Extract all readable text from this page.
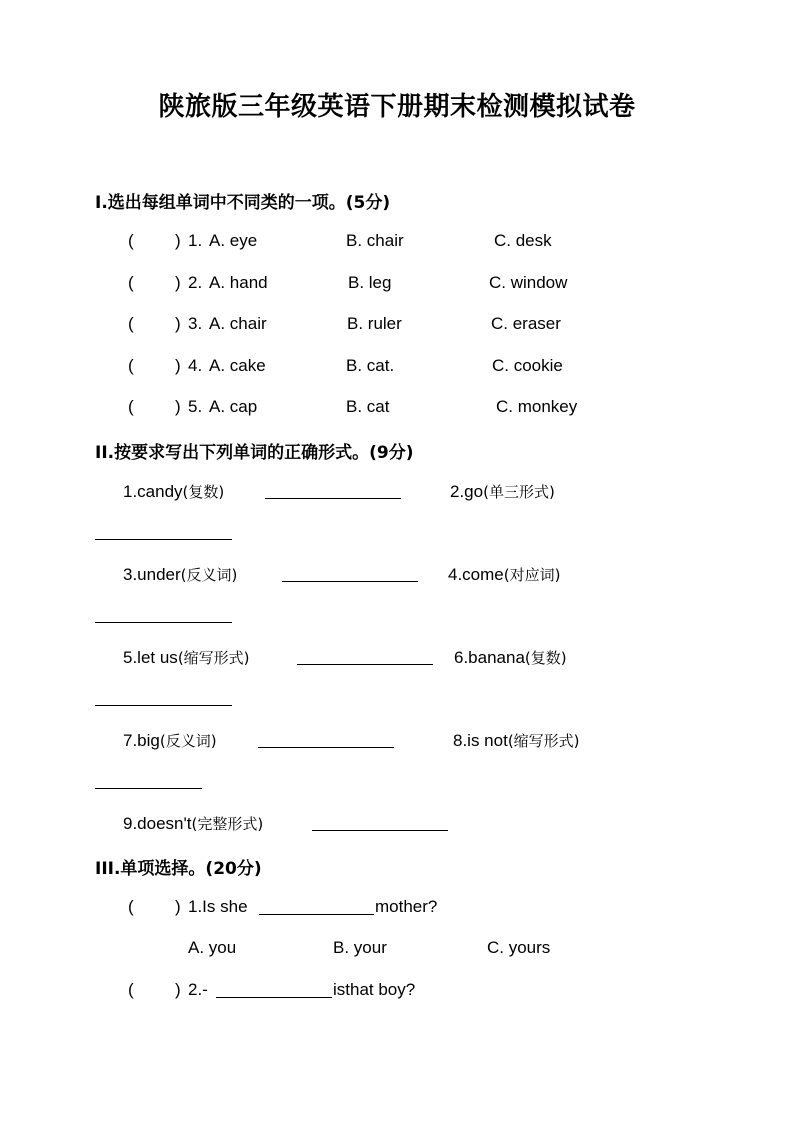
陕旅版三年级英语下册期末检测模拟试卷
I.选出每组单词中不同类的一项。(5分)
( ) 1. A. eye	B. chair	C. desk
( ) 2. A. hand	B. leg	C. window
( ) 3. A. chair	B. ruler	C. eraser
( ) 4. A. cake	B. cat.	C. cookie
( ) 5. A. cap	B. cat	C. monkey
II.按要求写出下列单词的正确形式。(9分)
1.candy(复数)	2.go(单三形式)
3.under(反义词)	4.come(对应词)
5.let us(缩写形式)	6.banana(复数)
7.big(反义词)	8.is not(缩写形式)
9.doesn't(完整形式)
III.单项选择。(20分)
( ) 1.Is she	mother?
A. you	B. your	C. yours
( ) 2.-	isthat boy?
